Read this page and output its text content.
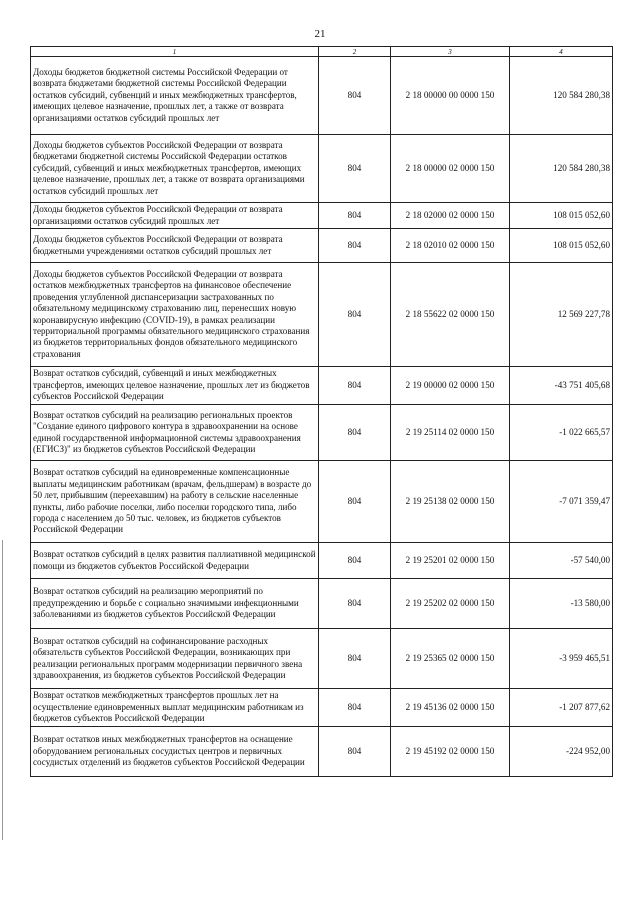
21
1	2	3	4
Доходы бюджетов бюджетной системы Российской Федерации от возврата бюджетами бюджетной системы Российской Федерации остатков субсидий, субвенций и иных межбюджетных трансфертов, имеющих целевое назначение, прошлых лет, а также от возврата организациями остатков субсидий прошлых лет	804	2 18 00000 00 0000 150	120 584 280,38
Доходы бюджетов субъектов Российской Федерации от возврата бюджетами бюджетной системы Российской Федерации остатков субсидий, субвенций и иных межбюджетных трансфертов, имеющих целевое назначение, прошлых лет, а также от возврата организациями остатков субсидий прошлых лет	804	2 18 00000 02 0000 150	120 584 280,38
Доходы бюджетов субъектов Российской Федерации от возврата организациями остатков субсидий прошлых лет	804	2 18 02000 02 0000 150	108 015 052,60
Доходы бюджетов субъектов Российской Федерации от возврата бюджетными учреждениями остатков субсидий прошлых лет	804	2 18 02010 02 0000 150	108 015 052,60
Доходы бюджетов субъектов Российской Федерации от возврата остатков межбюджетных трансфертов на финансовое обеспечение проведения углубленной диспансеризации застрахованных по обязательному медицинскому страхованию лиц, перенесших новую коронавирусную инфекцию (COVID-19), в рамках реализации территориальной программы обязательного медицинского страхования из бюджетов территориальных фондов обязательного медицинского страхования	804	2 18 55622 02 0000 150	12 569 227,78
Возврат остатков субсидий, субвенций и иных межбюджетных трансфертов, имеющих целевое назначение, прошлых лет из бюджетов субъектов Российской Федерации	804	2 19 00000 02 0000 150	-43 751 405,68
Возврат остатков субсидий на реализацию региональных проектов "Создание единого цифрового контура в здравоохранении на основе единой государственной информационной системы здравоохранения (ЕГИСЗ)" из бюджетов субъектов Российской Федерации	804	2 19 25114 02 0000 150	-1 022 665,57
Возврат остатков субсидий на единовременные компенсационные выплаты медицинским работникам (врачам, фельдшерам) в возрасте до 50 лет, прибывшим (переехавшим) на работу в сельские населенные пункты, либо рабочие поселки, либо поселки городского типа, либо города с населением до 50 тыс. человек, из бюджетов субъектов Российской Федерации	804	2 19 25138 02 0000 150	-7 071 359,47
Возврат остатков субсидий в целях развития паллиативной медицинской помощи из бюджетов субъектов Российской Федерации	804	2 19 25201 02 0000 150	-57 540,00
Возврат остатков субсидий на реализацию мероприятий по предупреждению и борьбе с социально значимыми инфекционными заболеваниями из бюджетов субъектов Российской Федерации	804	2 19 25202 02 0000 150	-13 580,00
Возврат остатков субсидий на софинансирование расходных обязательств субъектов Российской Федерации, возникающих при реализации региональных программ модернизации первичного звена здравоохранения, из бюджетов субъектов Российской Федерации	804	2 19 25365 02 0000 150	-3 959 465,51
Возврат остатков межбюджетных трансфертов прошлых лет на осуществление единовременных выплат медицинским работникам из бюджетов субъектов Российской Федерации	804	2 19 45136 02 0000 150	-1 207 877,62
Возврат остатков иных межбюджетных трансфертов на оснащение оборудованием региональных сосудистых центров и первичных сосудистых отделений из бюджетов субъектов Российской Федерации	804	2 19 45192 02 0000 150	-224 952,00
